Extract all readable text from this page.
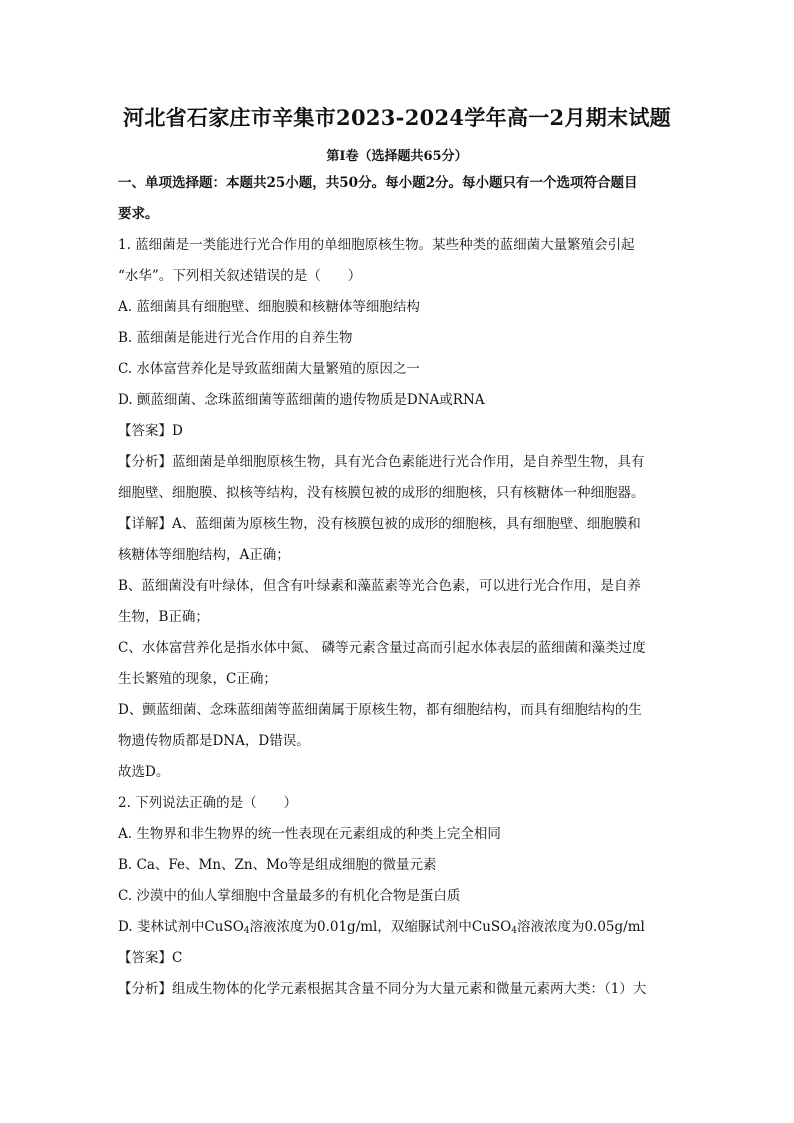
河北省石家庄市辛集市2023-2024学年高一2月期末试题
第I卷（选择题共65分）
一、单项选择题：本题共25小题，共50分。每小题2分。每小题只有一个选项符合题目
要求。
1. 蓝细菌是一类能进行光合作用的单细胞原核生物。某些种类的蓝细菌大量繁殖会引起
“水华”。下列相关叙述错误的是（　　）
A. 蓝细菌具有细胞壁、细胞膜和核糖体等细胞结构
B. 蓝细菌是能进行光合作用的自养生物
C. 水体富营养化是导致蓝细菌大量繁殖的原因之一
D. 颤蓝细菌、念珠蓝细菌等蓝细菌的遗传物质是DNA或RNA
【答案】D
【分析】蓝细菌是单细胞原核生物，具有光合色素能进行光合作用，是自养型生物，具有
细胞壁、细胞膜、拟核等结构，没有核膜包被的成形的细胞核，只有核糖体一种细胞器。
【详解】A、蓝细菌为原核生物，没有核膜包被的成形的细胞核，具有细胞壁、细胞膜和
核糖体等细胞结构，A正确；
B、蓝细菌没有叶绿体，但含有叶绿素和藻蓝素等光合色素，可以进行光合作用，是自养
生物，B正确；
C、水体富营养化是指水体中氮、 磷等元素含量过高而引起水体表层的蓝细菌和藻类过度
生长繁殖的现象，C正确；
D、颤蓝细菌、念珠蓝细菌等蓝细菌属于原核生物，都有细胞结构，而具有细胞结构的生
物遗传物质都是DNA，D错误。
故选D。
2. 下列说法正确的是（　　）
A. 生物界和非生物界的统一性表现在元素组成的种类上完全相同
B. Ca、Fe、Mn、Zn、Mo等是组成细胞的微量元素
C. 沙漠中的仙人掌细胞中含量最多的有机化合物是蛋白质
D. 斐林试剂中CuSO$_4$溶液浓度为0.01g/ml，双缩脲试剂中CuSO$_4$溶液浓度为0.05g/ml
【答案】C
【分析】组成生物体的化学元素根据其含量不同分为大量元素和微量元素两大类：（1）大
